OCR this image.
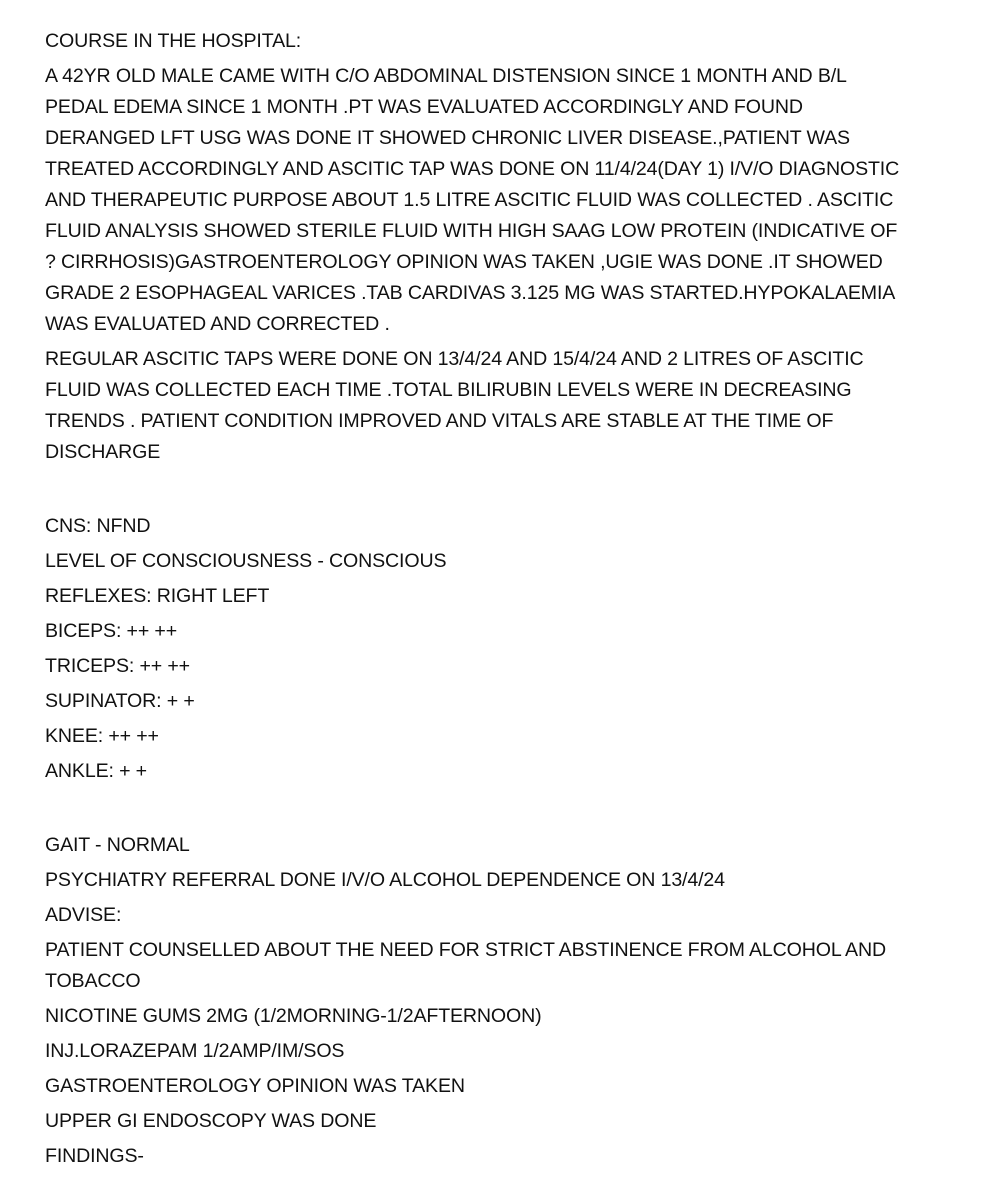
COURSE IN THE HOSPITAL:
A 42YR OLD MALE CAME WITH C/O ABDOMINAL DISTENSION SINCE 1 MONTH AND B/L
PEDAL EDEMA SINCE 1 MONTH .PT WAS EVALUATED ACCORDINGLY AND FOUND
DERANGED LFT USG WAS DONE IT SHOWED CHRONIC LIVER DISEASE.,PATIENT WAS
TREATED ACCORDINGLY AND ASCITIC TAP WAS DONE ON 11/4/24(DAY 1) I/V/O DIAGNOSTIC
AND THERAPEUTIC PURPOSE ABOUT 1.5 LITRE ASCITIC FLUID WAS COLLECTED . ASCITIC
FLUID ANALYSIS SHOWED STERILE FLUID WITH HIGH SAAG LOW PROTEIN (INDICATIVE OF
? CIRRHOSIS)GASTROENTEROLOGY OPINION WAS TAKEN ,UGIE WAS DONE .IT SHOWED
GRADE 2 ESOPHAGEAL VARICES .TAB CARDIVAS 3.125 MG WAS STARTED.HYPOKALAEMIA
WAS EVALUATED AND CORRECTED .
REGULAR ASCITIC TAPS WERE DONE ON 13/4/24 AND 15/4/24 AND 2 LITRES OF ASCITIC
FLUID WAS COLLECTED EACH TIME .TOTAL BILIRUBIN LEVELS WERE IN DECREASING
TRENDS . PATIENT CONDITION IMPROVED AND VITALS ARE STABLE AT THE TIME OF
DISCHARGE
CNS: NFND
LEVEL OF CONSCIOUSNESS - CONSCIOUS
REFLEXES: RIGHT LEFT
BICEPS: ++ ++
TRICEPS: ++ ++
SUPINATOR: + +
KNEE: ++ ++
ANKLE: + +
GAIT - NORMAL
PSYCHIATRY REFERRAL DONE I/V/O ALCOHOL DEPENDENCE ON 13/4/24
ADVISE:
PATIENT COUNSELLED ABOUT THE NEED FOR STRICT ABSTINENCE FROM ALCOHOL AND
TOBACCO
NICOTINE GUMS 2MG (1/2MORNING-1/2AFTERNOON)
INJ.LORAZEPAM 1/2AMP/IM/SOS
GASTROENTEROLOGY OPINION WAS TAKEN
UPPER GI ENDOSCOPY WAS DONE
FINDINGS-
